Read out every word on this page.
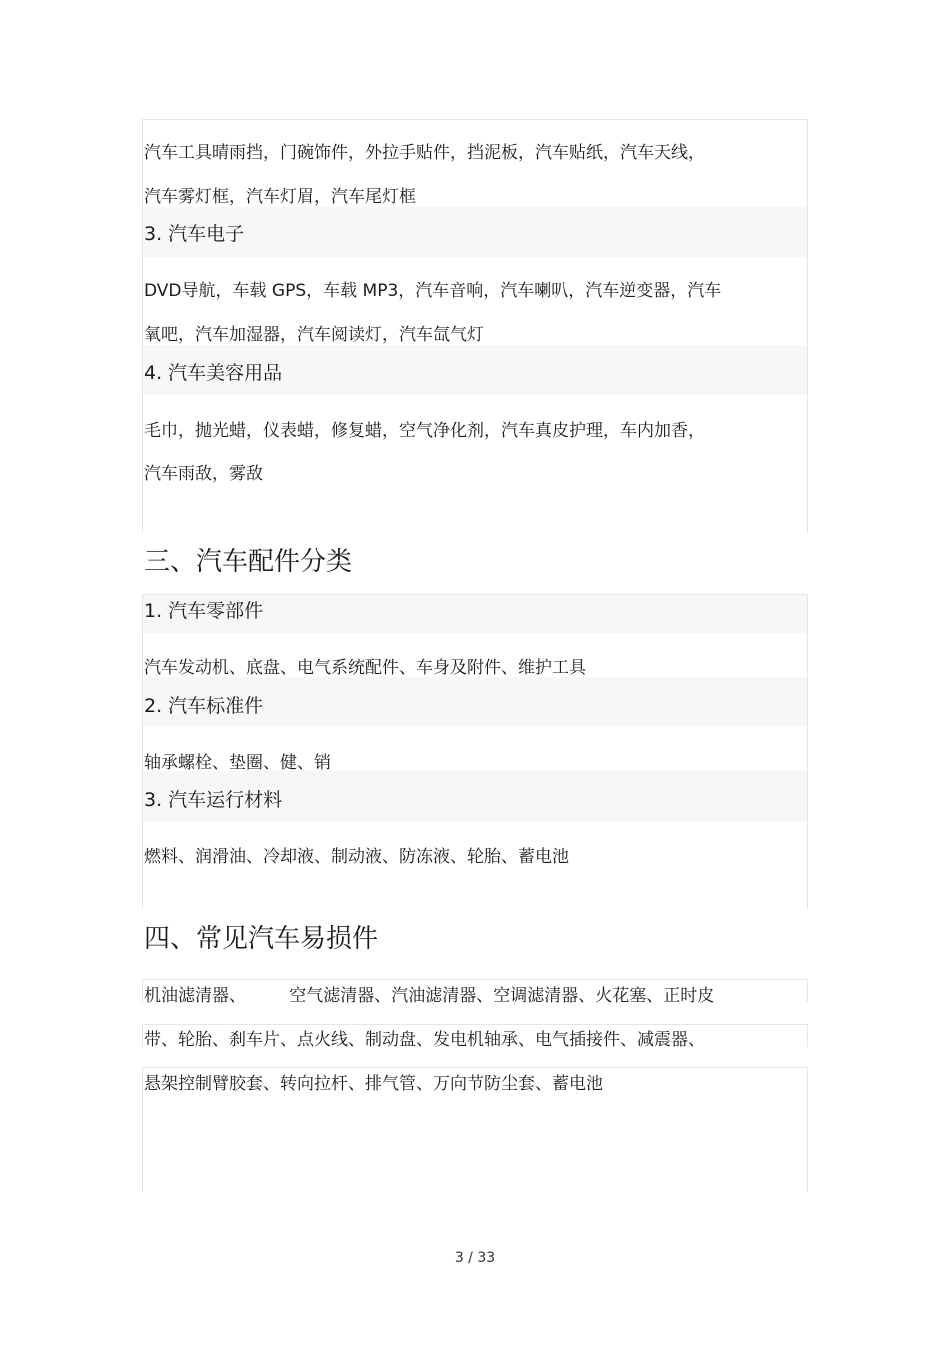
汽车工具晴雨挡，门碗饰件，外拉手贴件，挡泥板，汽车贴纸，汽车天线，
汽车雾灯框，汽车灯眉，汽车尾灯框
3. 汽车电子
DVD导航，车载 GPS，车载 MP3，汽车音响，汽车喇叭，汽车逆变器，汽车
氧吧，汽车加湿器，汽车阅读灯，汽车氙气灯
4. 汽车美容用品
毛巾，抛光蜡，仪表蜡，修复蜡，空气净化剂，汽车真皮护理，车内加香，
汽车雨敌，雾敌
三、汽车配件分类
1. 汽车零部件
汽车发动机、底盘、电气系统配件、车身及附件、维护工具
2. 汽车标准件
轴承螺栓、垫圈、健、销
3. 汽车运行材料
燃料、润滑油、冷却液、制动液、防冻液、轮胎、蓄电池
四、常见汽车易损件
机油滤清器、        空气滤清器、汽油滤清器、空调滤清器、火花塞、正时皮
带、轮胎、刹车片、点火线、制动盘、发电机轴承、电气插接件、减震器、
悬架控制臂胶套、转向拉杆、排气管、万向节防尘套、蓄电池
3 / 33
